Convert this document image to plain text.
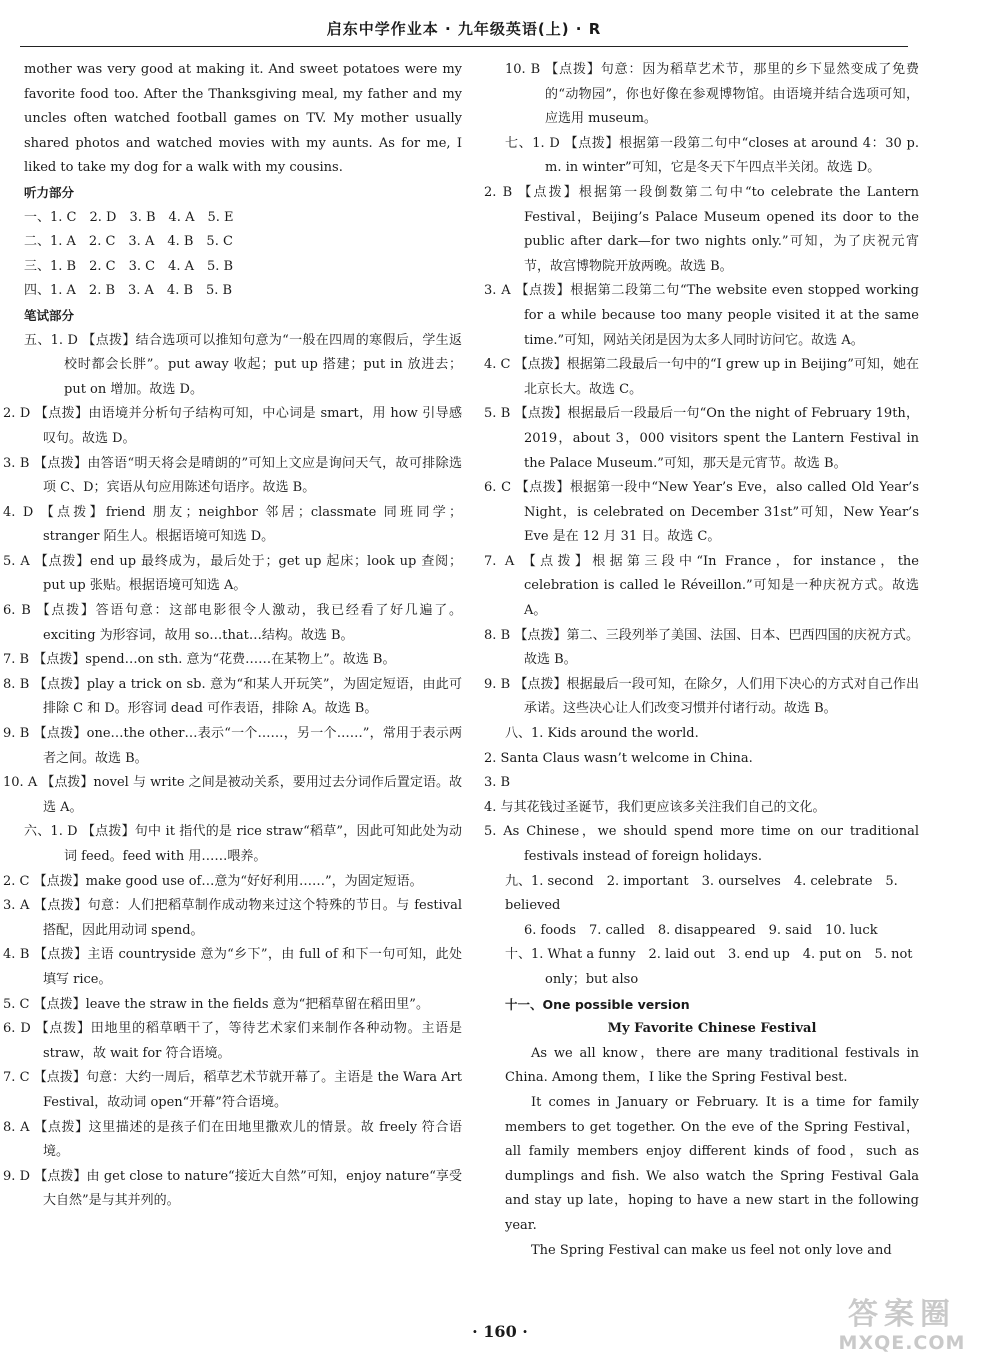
启东中学作业本 · 九年级英语(上) · R

mother was very good at making it. And sweet potatoes were my favorite food too. After the Thanksgiving meal, my father and my uncles often watched football games on TV. My mother usually shared photos and watched movies with my aunts. As for me, I liked to take my dog for a walk with my cousins.

听力部分

一、1. C　2. D　3. B　4. A　5. E

二、1. A　2. C　3. A　4. B　5. C

三、1. B　2. C　3. C　4. A　5. B

四、1. A　2. B　3. A　4. B　5. B

笔试部分

五、1. D 【点拨】结合选项可以推知句意为“一般在四周的寒假后，学生返校时都会长胖”。put away 收起；put up 搭建；put in 放进去；put on 增加。故选 D。

2. D 【点拨】由语境并分析句子结构可知，中心词是 smart，用 how 引导感叹句。故选 D。

3. B 【点拨】由答语“明天将会是晴朗的”可知上文应是询问天气，故可排除选项 C、D；宾语从句应用陈述句语序。故选 B。

4. D 【点拨】friend 朋友；neighbor 邻居；classmate 同班同学；stranger 陌生人。根据语境可知选 D。

5. A 【点拨】end up 最终成为，最后处于；get up 起床；look up 查阅；put up 张贴。根据语境可知选 A。

6. B 【点拨】答语句意：这部电影很令人激动，我已经看了好几遍了。exciting 为形容词，故用 so…that…结构。故选 B。

7. B 【点拨】spend…on sth. 意为“花费……在某物上”。故选 B。

8. B 【点拨】play a trick on sb. 意为“和某人开玩笑”，为固定短语，由此可排除 C 和 D。形容词 dead 可作表语，排除 A。故选 B。

9. B 【点拨】one…the other…表示“一个……，另一个……”，常用于表示两者之间。故选 B。

10. A 【点拨】novel 与 write 之间是被动关系，要用过去分词作后置定语。故选 A。

六、1. D 【点拨】句中 it 指代的是 rice straw“稻草”，因此可知此处为动词 feed。feed with 用……喂养。

2. C 【点拨】make good use of…意为“好好利用……”，为固定短语。

3. A 【点拨】句意：人们把稻草制作成动物来过这个特殊的节日。与 festival 搭配，因此用动词 spend。

4. B 【点拨】主语 countryside 意为“乡下”，由 full of 和下一句可知，此处填写 rice。

5. C 【点拨】leave the straw in the fields 意为“把稻草留在稻田里”。

6. D 【点拨】田地里的稻草晒干了，等待艺术家们来制作各种动物。主语是 straw，故 wait for 符合语境。

7. C 【点拨】句意：大约一周后，稻草艺术节就开幕了。主语是 the Wara Art Festival，故动词 open“开幕”符合语境。

8. A 【点拨】这里描述的是孩子们在田地里撒欢儿的情景。故 freely 符合语境。

9. D 【点拨】由 get close to nature“接近大自然”可知，enjoy nature“享受大自然”是与其并列的。

10. B 【点拨】句意：因为稻草艺术节，那里的乡下显然变成了免费的“动物园”，你也好像在参观博物馆。由语境并结合选项可知，应选用 museum。

七、1. D 【点拨】根据第一段第二句中“closes at around 4：30 p. m. in winter”可知，它是冬天下午四点半关闭。故选 D。

2. B 【点拨】根据第一段倒数第二句中“to celebrate the Lantern Festival，Beijing’s Palace Museum opened its door to the public after dark—for two nights only.”可知，为了庆祝元宵节，故宫博物院开放两晚。故选 B。

3. A 【点拨】根据第二段第二句“The website even stopped working for a while because too many people visited it at the same time.”可知，网站关闭是因为太多人同时访问它。故选 A。

4. C 【点拨】根据第二段最后一句中的“I grew up in Beijing”可知，她在北京长大。故选 C。

5. B 【点拨】根据最后一段最后一句“On the night of February 19th，2019，about 3，000 visitors spent the Lantern Festival in the Palace Museum.”可知，那天是元宵节。故选 B。

6. C 【点拨】根据第一段中“New Year’s Eve，also called Old Year’s Night，is celebrated on December 31st”可知，New Year’s Eve 是在 12 月 31 日。故选 C。

7. A 【点拨】根据第三段中“In France，for instance，the celebration is called le Réveillon.”可知是一种庆祝方式。故选 A。

8. B 【点拨】第二、三段列举了美国、法国、日本、巴西四国的庆祝方式。故选 B。

9. B 【点拨】根据最后一段可知，在除夕，人们用下决心的方式对自己作出承诺。这些决心让人们改变习惯并付诸行动。故选 B。

八、1. Kids around the world.

2. Santa Claus wasn’t welcome in China.

3. B

4. 与其花钱过圣诞节，我们更应该多关注我们自己的文化。

5. As Chinese，we should spend more time on our traditional festivals instead of foreign holidays.

九、1. second　2. important　3. ourselves　4. celebrate　5. believed

6. foods　7. called　8. disappeared　9. said　10. luck

十、1. What a funny　2. laid out　3. end up　4. put on　5. not only；but also

十一、One possible version

My Favorite Chinese Festival

As we all know，there are many traditional festivals in China. Among them，I like the Spring Festival best.

It comes in January or February. It is a time for family members to get together. On the eve of the Spring Festival，all family members enjoy different kinds of food，such as dumplings and fish. We also watch the Spring Festival Gala and stay up late，hoping to have a new start in the following year.

The Spring Festival can make us feel not only love and

· 160 ·	答案圈
MXQE.COM
